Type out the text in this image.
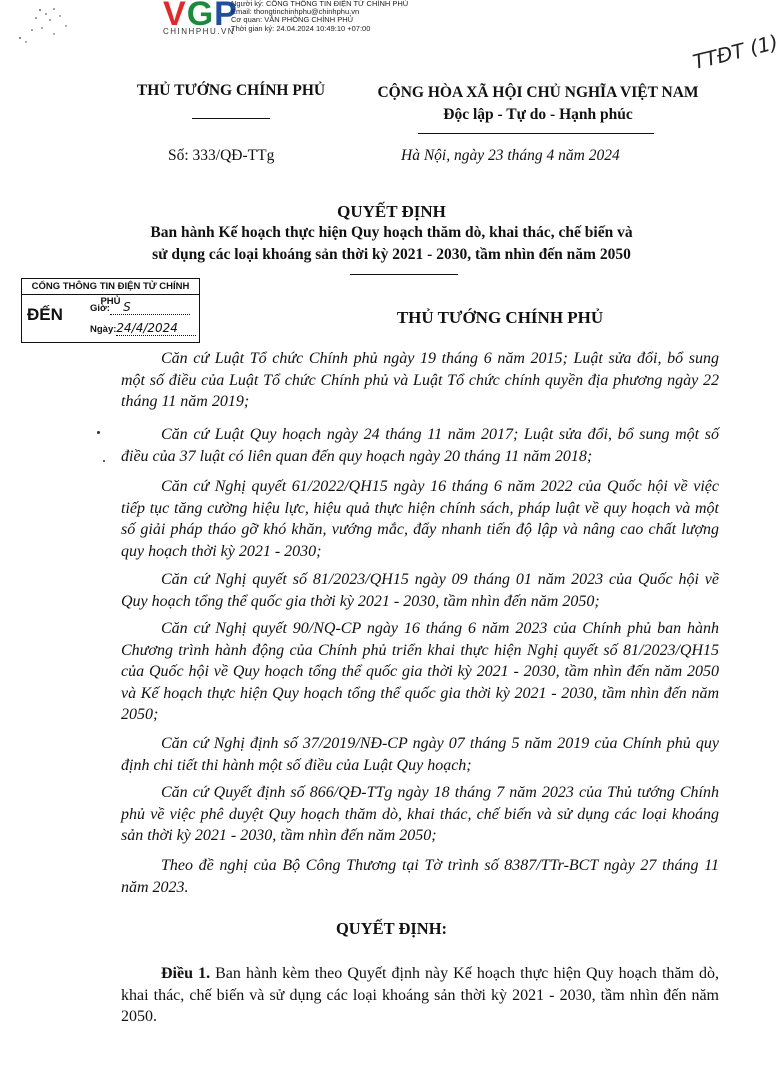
VGP
CHINHPHU.VN
Người ký: CỔNG THÔNG TIN ĐIỆN TỬ CHÍNH PHỦ
Email: thongtinchinhphu@chinhphu.vn
Cơ quan: VĂN PHÒNG CHÍNH PHỦ
Thời gian ký: 24.04.2024 10:49:10 +07:00
TTĐT (1)
THỦ TƯỚNG CHÍNH PHỦ	CỘNG HÒA XÃ HỘI CHỦ NGHĨA VIỆT NAM
Độc lập - Tự do - Hạnh phúc
Số: 333/QĐ-TTg	Hà Nội, ngày 23 tháng 4 năm 2024
QUYẾT ĐỊNH
Ban hành Kế hoạch thực hiện Quy hoạch thăm dò, khai thác, chế biến và
sử dụng các loại khoáng sản thời kỳ 2021 - 2030, tầm nhìn đến năm 2050
CỔNG THÔNG TIN ĐIỆN TỬ CHÍNH PHỦ
ĐẾN	Giờ: S
Ngày:24/4/2024
THỦ TƯỚNG CHÍNH PHỦ
Căn cứ Luật Tổ chức Chính phủ ngày 19 tháng 6 năm 2015; Luật sửa đổi, bổ sung một số điều của Luật Tổ chức Chính phủ và Luật Tổ chức chính quyền địa phương ngày 22 tháng 11 năm 2019;
Căn cứ Luật Quy hoạch ngày 24 tháng 11 năm 2017; Luật sửa đổi, bổ sung một số điều của 37 luật có liên quan đến quy hoạch ngày 20 tháng 11 năm 2018;
Căn cứ Nghị quyết 61/2022/QH15 ngày 16 tháng 6 năm 2022 của Quốc hội về việc tiếp tục tăng cường hiệu lực, hiệu quả thực hiện chính sách, pháp luật về quy hoạch và một số giải pháp tháo gỡ khó khăn, vướng mắc, đẩy nhanh tiến độ lập và nâng cao chất lượng quy hoạch thời kỳ 2021 - 2030;
Căn cứ Nghị quyết số 81/2023/QH15 ngày 09 tháng 01 năm 2023 của Quốc hội về Quy hoạch tổng thể quốc gia thời kỳ 2021 - 2030, tầm nhìn đến năm 2050;
Căn cứ Nghị quyết 90/NQ-CP ngày 16 tháng 6 năm 2023 của Chính phủ ban hành Chương trình hành động của Chính phủ triển khai thực hiện Nghị quyết số 81/2023/QH15 của Quốc hội về Quy hoạch tổng thể quốc gia thời kỳ 2021 - 2030, tầm nhìn đến năm 2050 và Kế hoạch thực hiện Quy hoạch tổng thể quốc gia thời kỳ 2021 - 2030, tầm nhìn đến năm 2050;
Căn cứ Nghị định số 37/2019/NĐ-CP ngày 07 tháng 5 năm 2019 của Chính phủ quy định chi tiết thi hành một số điều của Luật Quy hoạch;
Căn cứ Quyết định số 866/QĐ-TTg ngày 18 tháng 7 năm 2023 của Thủ tướng Chính phủ về việc phê duyệt Quy hoạch thăm dò, khai thác, chế biến và sử dụng các loại khoáng sản thời kỳ 2021 - 2030, tầm nhìn đến năm 2050;
Theo đề nghị của Bộ Công Thương tại Tờ trình số 8387/TTr-BCT ngày 27 tháng 11 năm 2023.
QUYẾT ĐỊNH:
Điều 1. Ban hành kèm theo Quyết định này Kế hoạch thực hiện Quy hoạch thăm dò, khai thác, chế biến và sử dụng các loại khoáng sản thời kỳ 2021 - 2030, tầm nhìn đến năm 2050.
